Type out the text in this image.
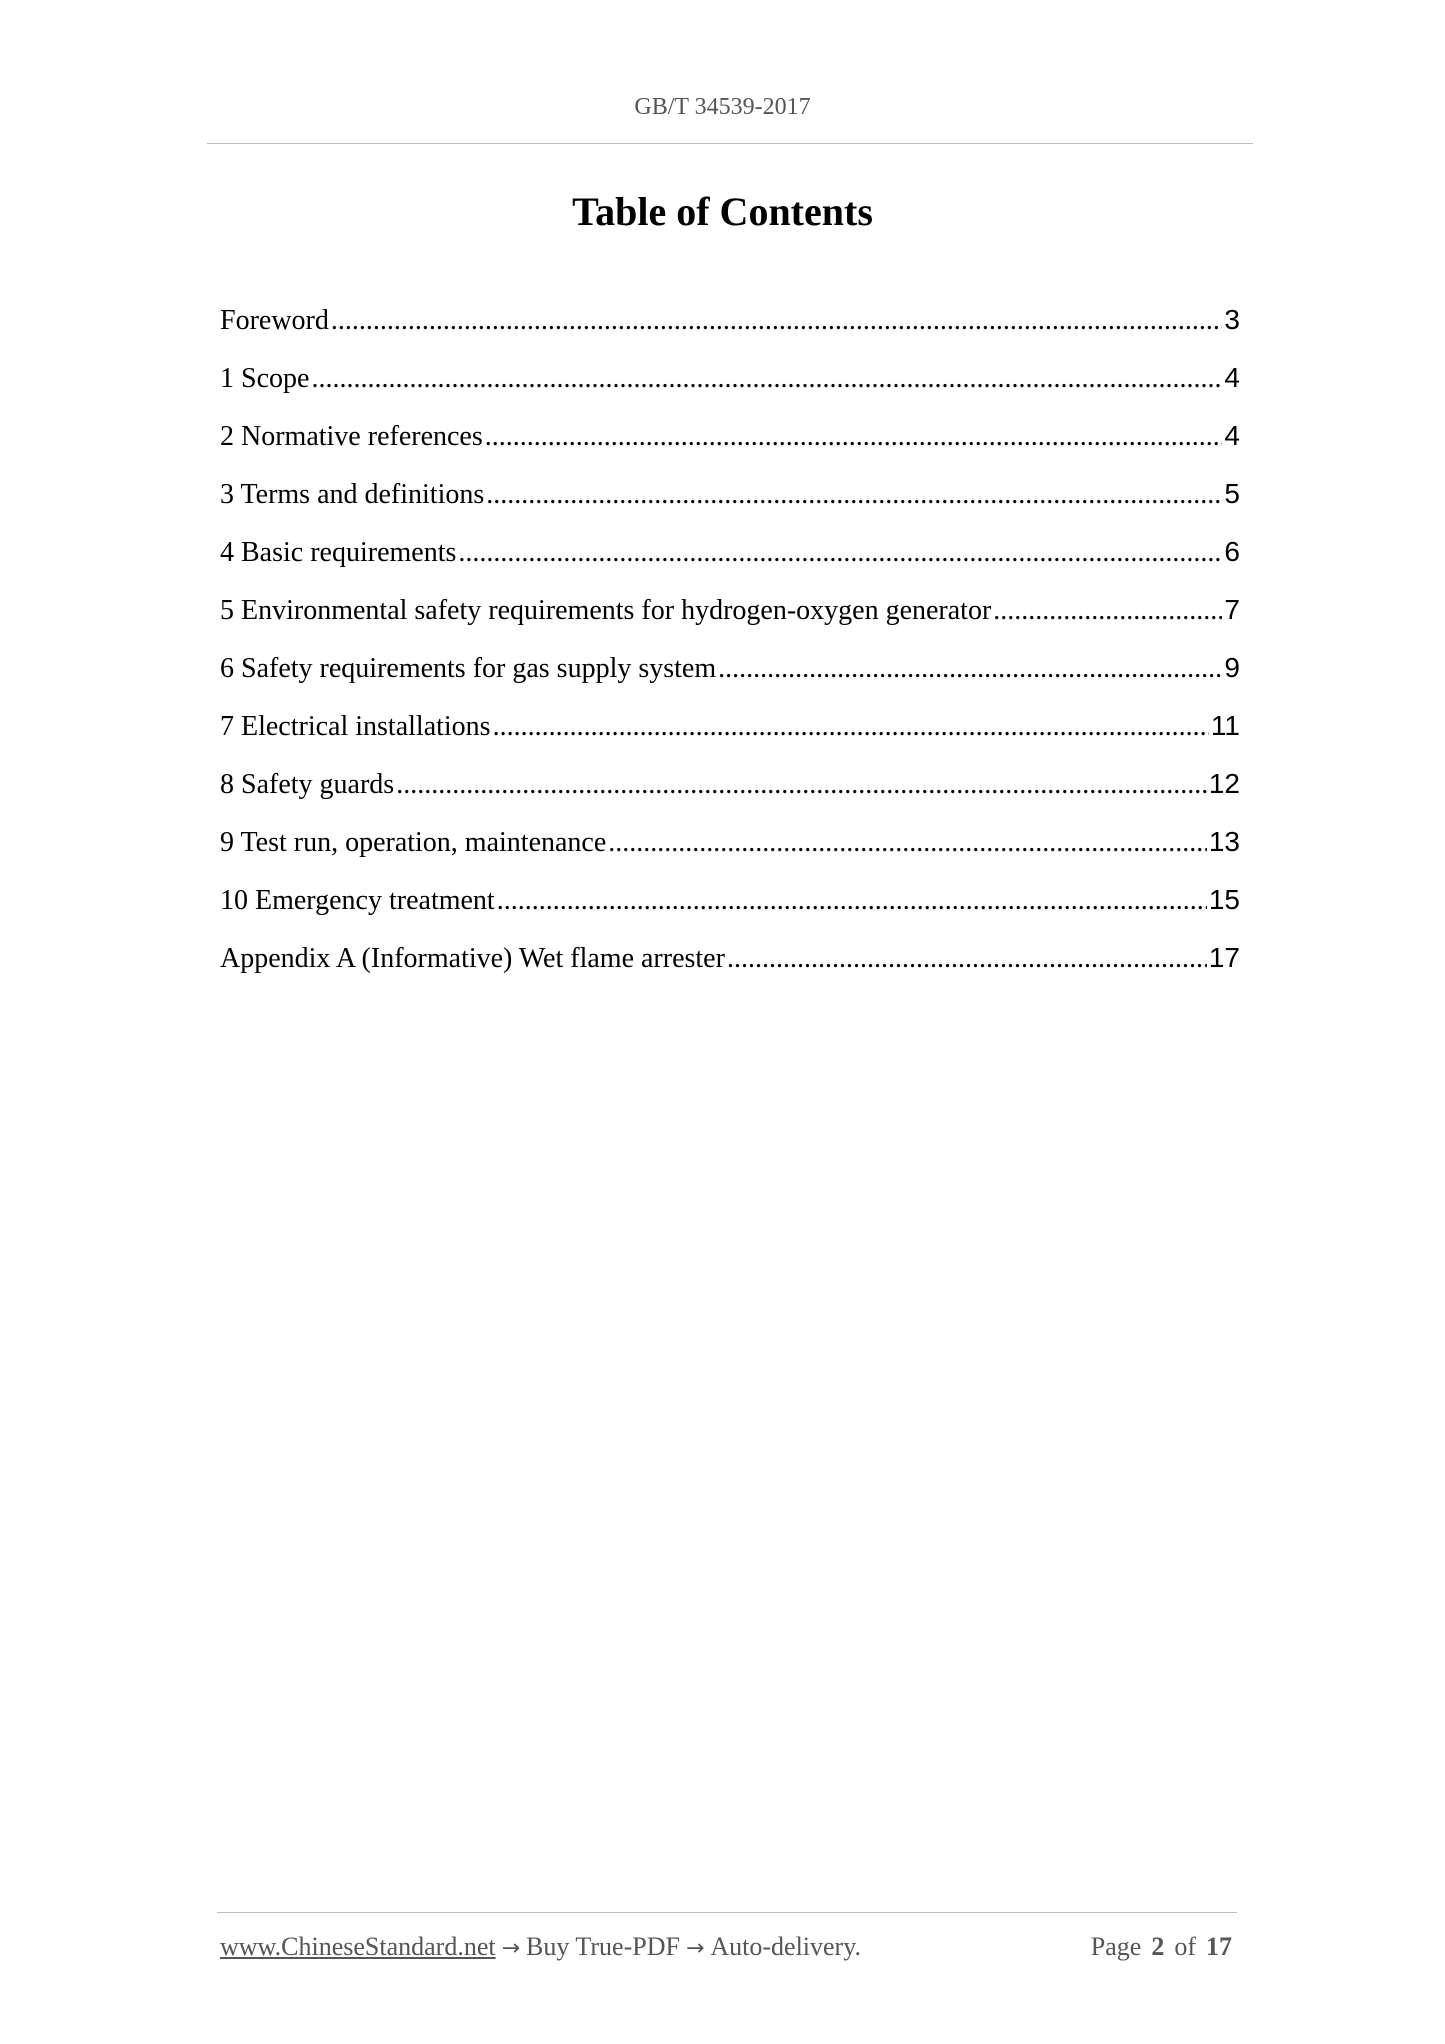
GB/T 34539-2017
Table of Contents
Foreword .....	3
1 Scope .....	4
2 Normative references .....	4
3 Terms and definitions .....	5
4 Basic requirements .....	6
5 Environmental safety requirements for hydrogen-oxygen generator .....	7
6 Safety requirements for gas supply system .....	9
7 Electrical installations .....	11
8 Safety guards .....	12
9 Test run, operation, maintenance .....	13
10 Emergency treatment .....	15
Appendix A (Informative) Wet flame arrester .....	17
www.ChineseStandard.net → Buy True-PDF → Auto-delivery.	Page 2 of 17
